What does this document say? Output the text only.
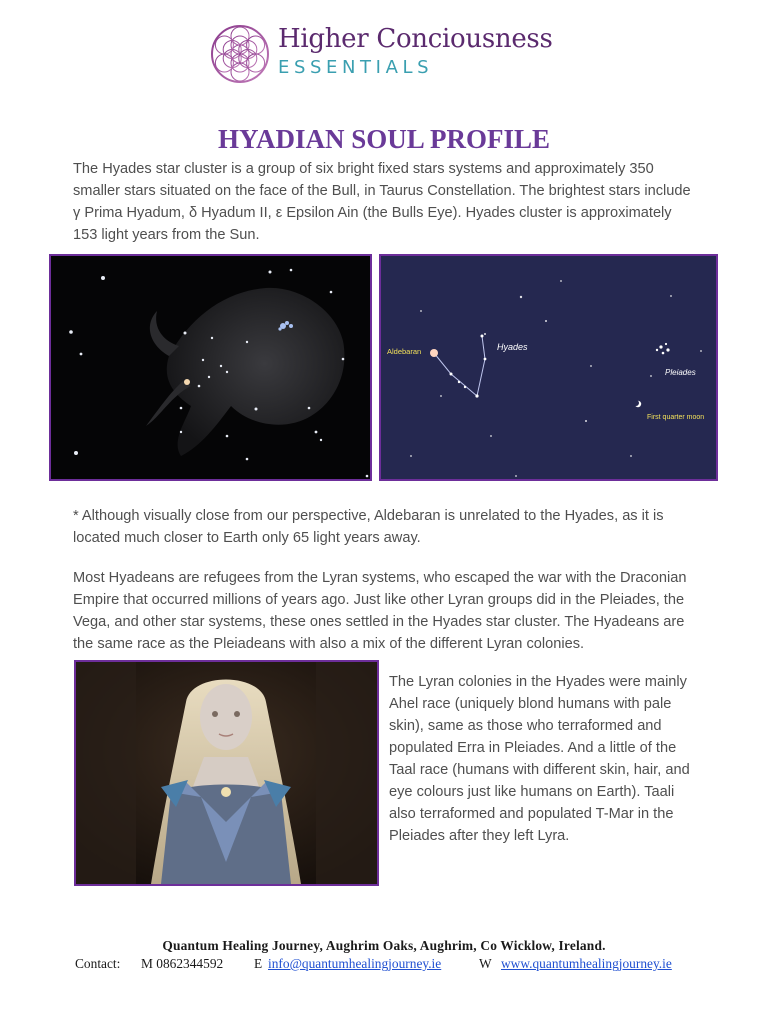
Higher Conciousness
ESSENTIALS
HYADIAN SOUL PROFILE
The Hyades star cluster is a group of six bright fixed stars systems and approximately 350 smaller stars situated on the face of the Bull, in Taurus Constellation. The brightest stars include γ Prima Hyadum, δ Hyadum II, ε Epsilon Ain (the Bulls Eye). Hyades cluster is approximately 153 light years from the Sun.
Aldebaran	Hyades
Pleiades
First quarter moon
* Although visually close from our perspective, Aldebaran is unrelated to the Hyades, as it is located much closer to Earth only 65 light years away.
Most Hyadeans are refugees from the Lyran systems, who escaped the war with the Draconian Empire that occurred millions of years ago. Just like other Lyran groups did in the Pleiades, the Vega, and other star systems, these ones settled in the Hyades star cluster. The Hyadeans are the same race as the Pleiadeans with also a mix of the different Lyran colonies.
The Lyran colonies in the Hyades were mainly Ahel race (uniquely blond humans with pale skin), same as those who terraformed and populated Erra in Pleiades. And a little of the Taal race (humans with different skin, hair, and eye colours just like humans on Earth). Taali also terraformed and populated T-Mar in the Pleiades after they left Lyra.
Quantum Healing Journey, Aughrim Oaks, Aughrim, Co Wicklow, Ireland.
Contact: M 0862344592 E info@quantumhealingjourney.ie	W www.quantumhealingjourney.ie
